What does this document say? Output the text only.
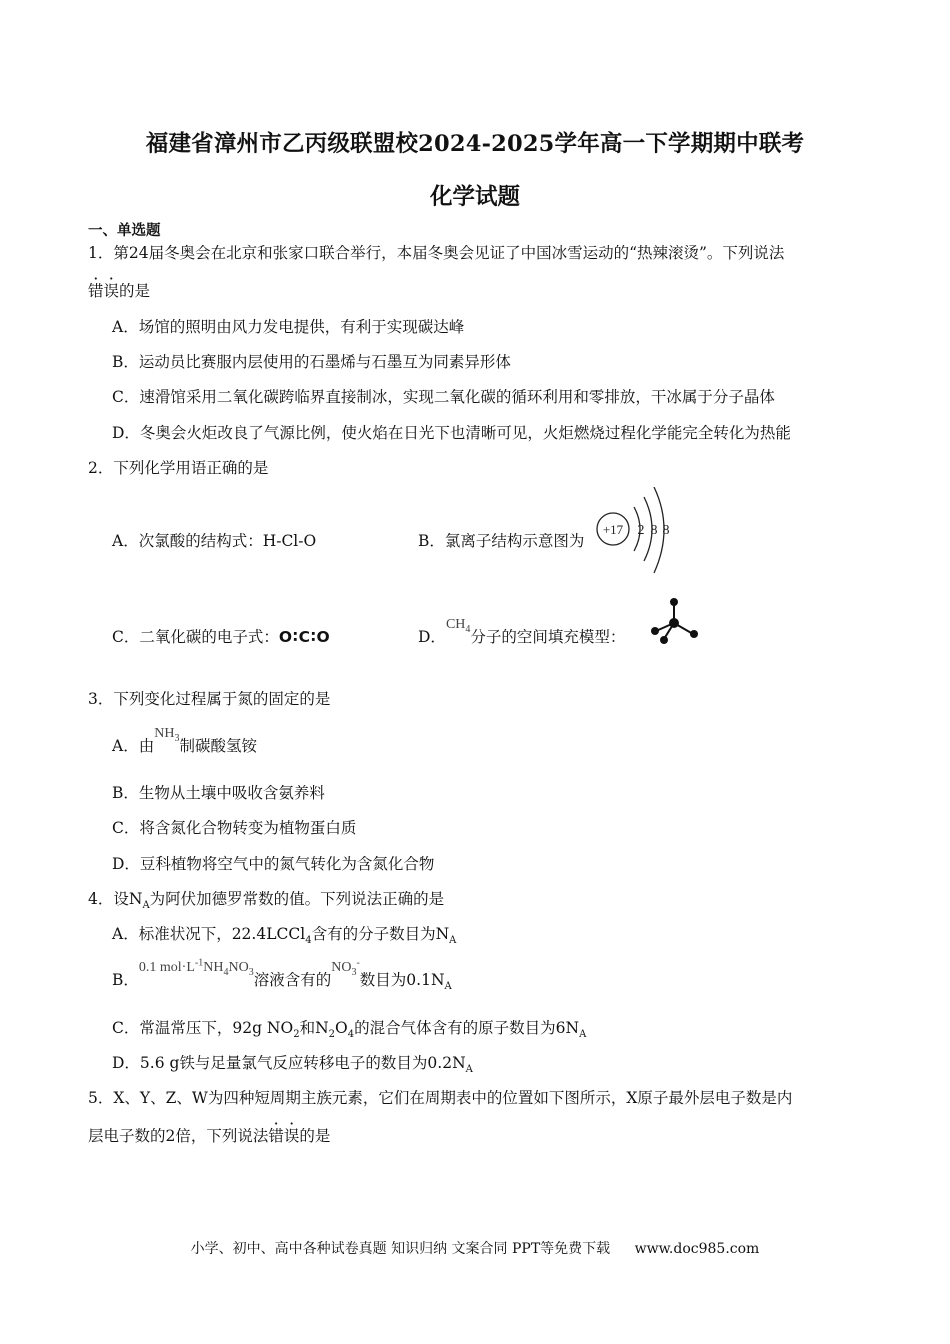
福建省漳州市乙丙级联盟校2024-2025学年高一下学期期中联考
化学试题
一、单选题
1．第24届冬奥会在北京和张家口联合举行，本届冬奥会见证了中国冰雪运动的“热辣滚烫”。下列说法
错误的是
A．场馆的照明由风力发电提供，有利于实现碳达峰
B．运动员比赛服内层使用的石墨烯与石墨互为同素异形体
C．速滑馆采用二氧化碳跨临界直接制冰，实现二氧化碳的循环利用和零排放，干冰属于分子晶体
D．冬奥会火炬改良了气源比例，使火焰在日光下也清晰可见，火炬燃烧过程化学能完全转化为热能
2．下列化学用语正确的是
A．次氯酸的结构式：H-Cl-O	B．氯离子结构示意图为
+17 2 8 8
C．二氧化碳的电子式：O∶C∶O	D．$CH_4$分子的空间填充模型：
3．下列变化过程属于氮的固定的是
A．由$NH_3$制碳酸氢铵
B．生物从土壤中吸收含氨养料
C．将含氮化合物转变为植物蛋白质
D．豆科植物将空气中的氮气转化为含氮化合物
4．设$N_A$为阿伏加德罗常数的值。下列说法正确的是
A．标准状况下，22.4LCCl$_4$含有的分子数目为$N_A$
B．0.1 $mol\cdot L^{-1}NH_4NO_3$溶液含有的$NO_3^-$数目为$0.1N_A$
C．常温常压下，92g $NO_2$和$N_2O_4$的混合气体含有的原子数目为$6N_A$
D．5.6 g铁与足量氯气反应转移电子的数目为$0.2N_A$
5．X、Y、Z、W为四种短周期主族元素，它们在周期表中的位置如下图所示，X原子最外层电子数是内
层电子数的2倍，下列说法错误的是
小学、初中、高中各种试卷真题 知识归纳 文案合同 PPT等免费下载 www.doc985.com
